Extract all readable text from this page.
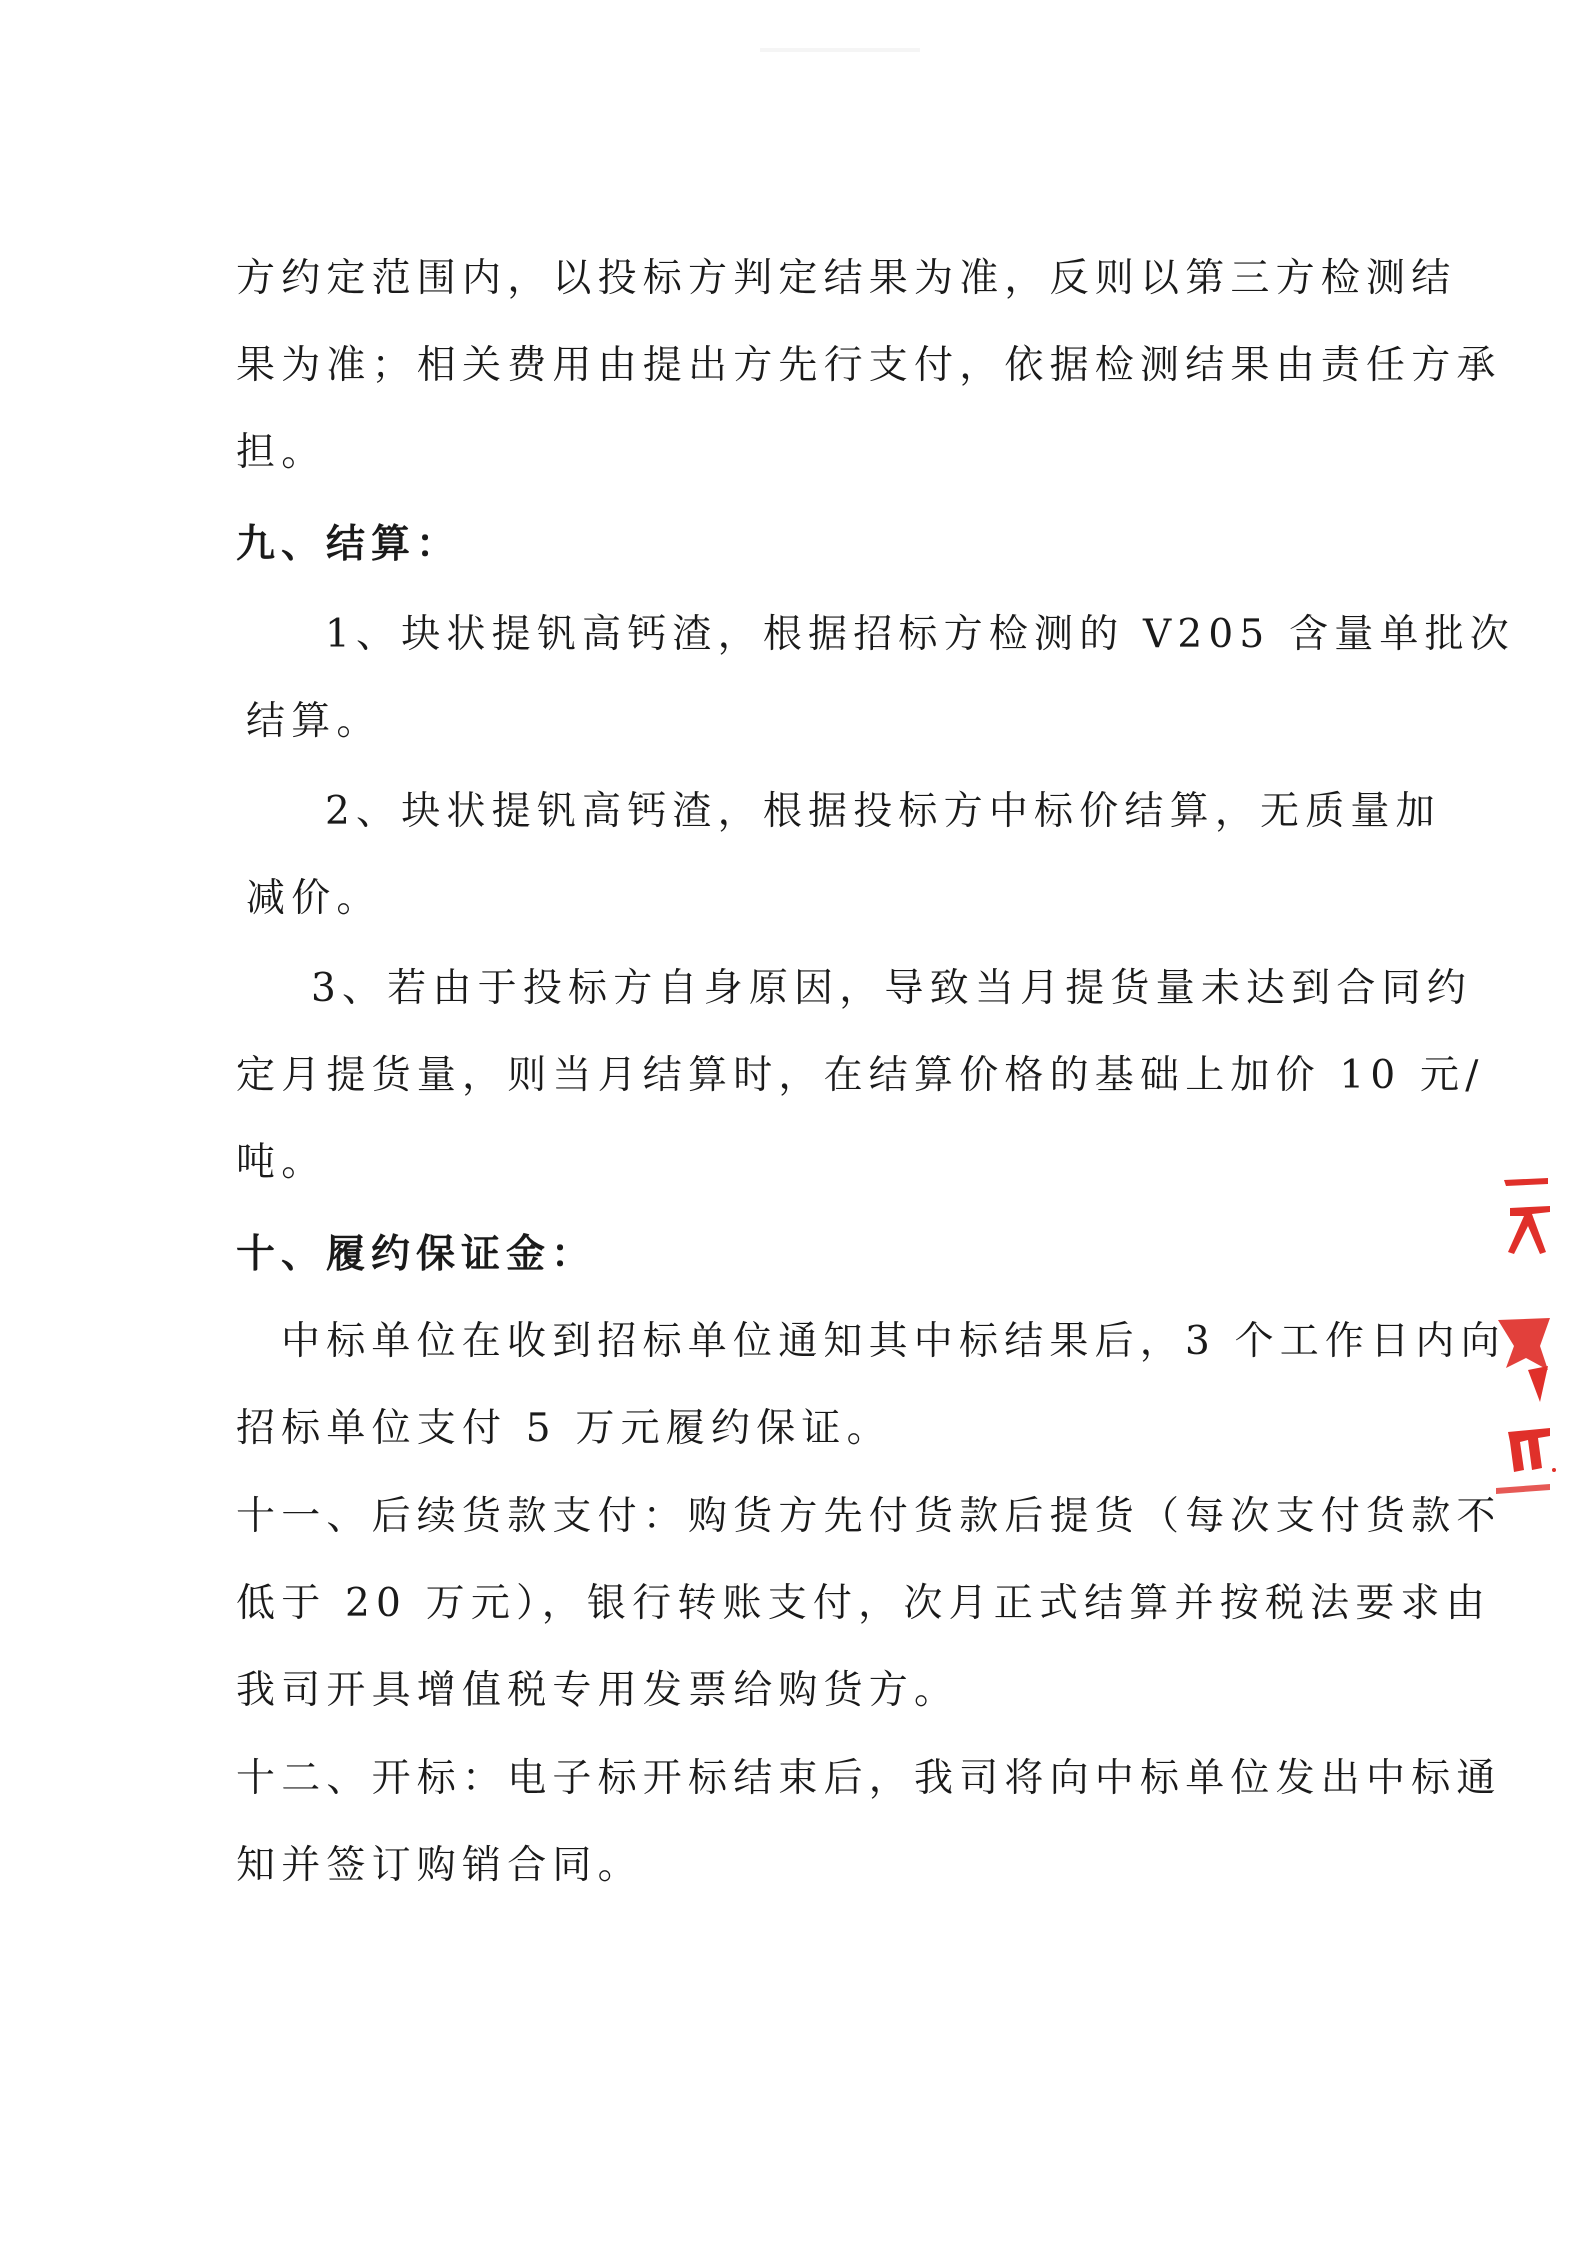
方约定范围内，以投标方判定结果为准，反则以第三方检测结
果为准；相关费用由提出方先行支付，依据检测结果由责任方承
担。
九、结算：
1、块状提钒高钙渣，根据招标方检测的 V205 含量单批次
结算。
2、块状提钒高钙渣，根据投标方中标价结算，无质量加
减价。
3、若由于投标方自身原因，导致当月提货量未达到合同约
定月提货量，则当月结算时，在结算价格的基础上加价 10 元/
吨。
十、履约保证金：
中标单位在收到招标单位通知其中标结果后，3 个工作日内向
招标单位支付 5 万元履约保证。
十一、后续货款支付：购货方先付货款后提货（每次支付货款不
低于 20 万元），银行转账支付，次月正式结算并按税法要求由
我司开具增值税专用发票给购货方。
十二、开标：电子标开标结束后，我司将向中标单位发出中标通
知并签订购销合同。
